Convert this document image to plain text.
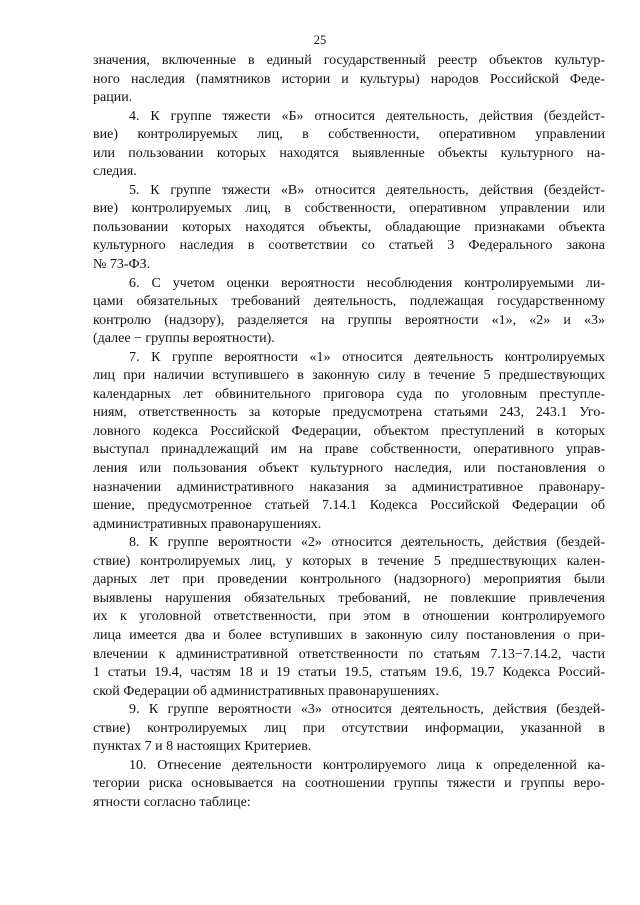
25
значения, включенные в единый государственный реестр объектов культур-
ного наследия (памятников истории и культуры) народов Российской Феде-
рации.
4. К группе тяжести «Б» относится деятельность, действия (бездейст-
вие) контролируемых лиц, в собственности, оперативном управлении
или пользовании которых находятся выявленные объекты культурного на-
следия.
5. К группе тяжести «В» относится деятельность, действия (бездейст-
вие) контролируемых лиц, в собственности, оперативном управлении или
пользовании которых находятся объекты, обладающие признаками объекта
культурного наследия в соответствии со статьей 3 Федерального закона
№ 73-ФЗ.
6. С учетом оценки вероятности несоблюдения контролируемыми ли-
цами обязательных требований деятельность, подлежащая государственному
контролю (надзору), разделяется на группы вероятности «1», «2» и «3»
(далее − группы вероятности).
7. К группе вероятности «1» относится деятельность контролируемых
лиц при наличии вступившего в законную силу в течение 5 предшествующих
календарных лет обвинительного приговора суда по уголовным преступле-
ниям, ответственность за которые предусмотрена статьями 243, 243.1 Уго-
ловного кодекса Российской Федерации, объектом преступлений в которых
выступал принадлежащий им на праве собственности, оперативного управ-
ления или пользования объект культурного наследия, или постановления о
назначении административного наказания за административное правонару-
шение, предусмотренное статьей 7.14.1 Кодекса Российской Федерации об
административных правонарушениях.
8. К группе вероятности «2» относится деятельность, действия (бездей-
ствие) контролируемых лиц, у которых в течение 5 предшествующих кален-
дарных лет при проведении контрольного (надзорного) мероприятия были
выявлены нарушения обязательных требований, не повлекшие привлечения
их к уголовной ответственности, при этом в отношении контролируемого
лица имеется два и более вступивших в законную силу постановления о при-
влечении к административной ответственности по статьям 7.13−7.14.2, части
1 статьи 19.4, частям 18 и 19 статьи 19.5, статьям 19.6, 19.7 Кодекса Россий-
ской Федерации об административных правонарушениях.
9. К группе вероятности «3» относится деятельность, действия (бездей-
ствие) контролируемых лиц при отсутствии информации, указанной в
пунктах 7 и 8 настоящих Критериев.
10. Отнесение деятельности контролируемого лица к определенной ка-
тегории риска основывается на соотношении группы тяжести и группы веро-
ятности согласно таблице:
